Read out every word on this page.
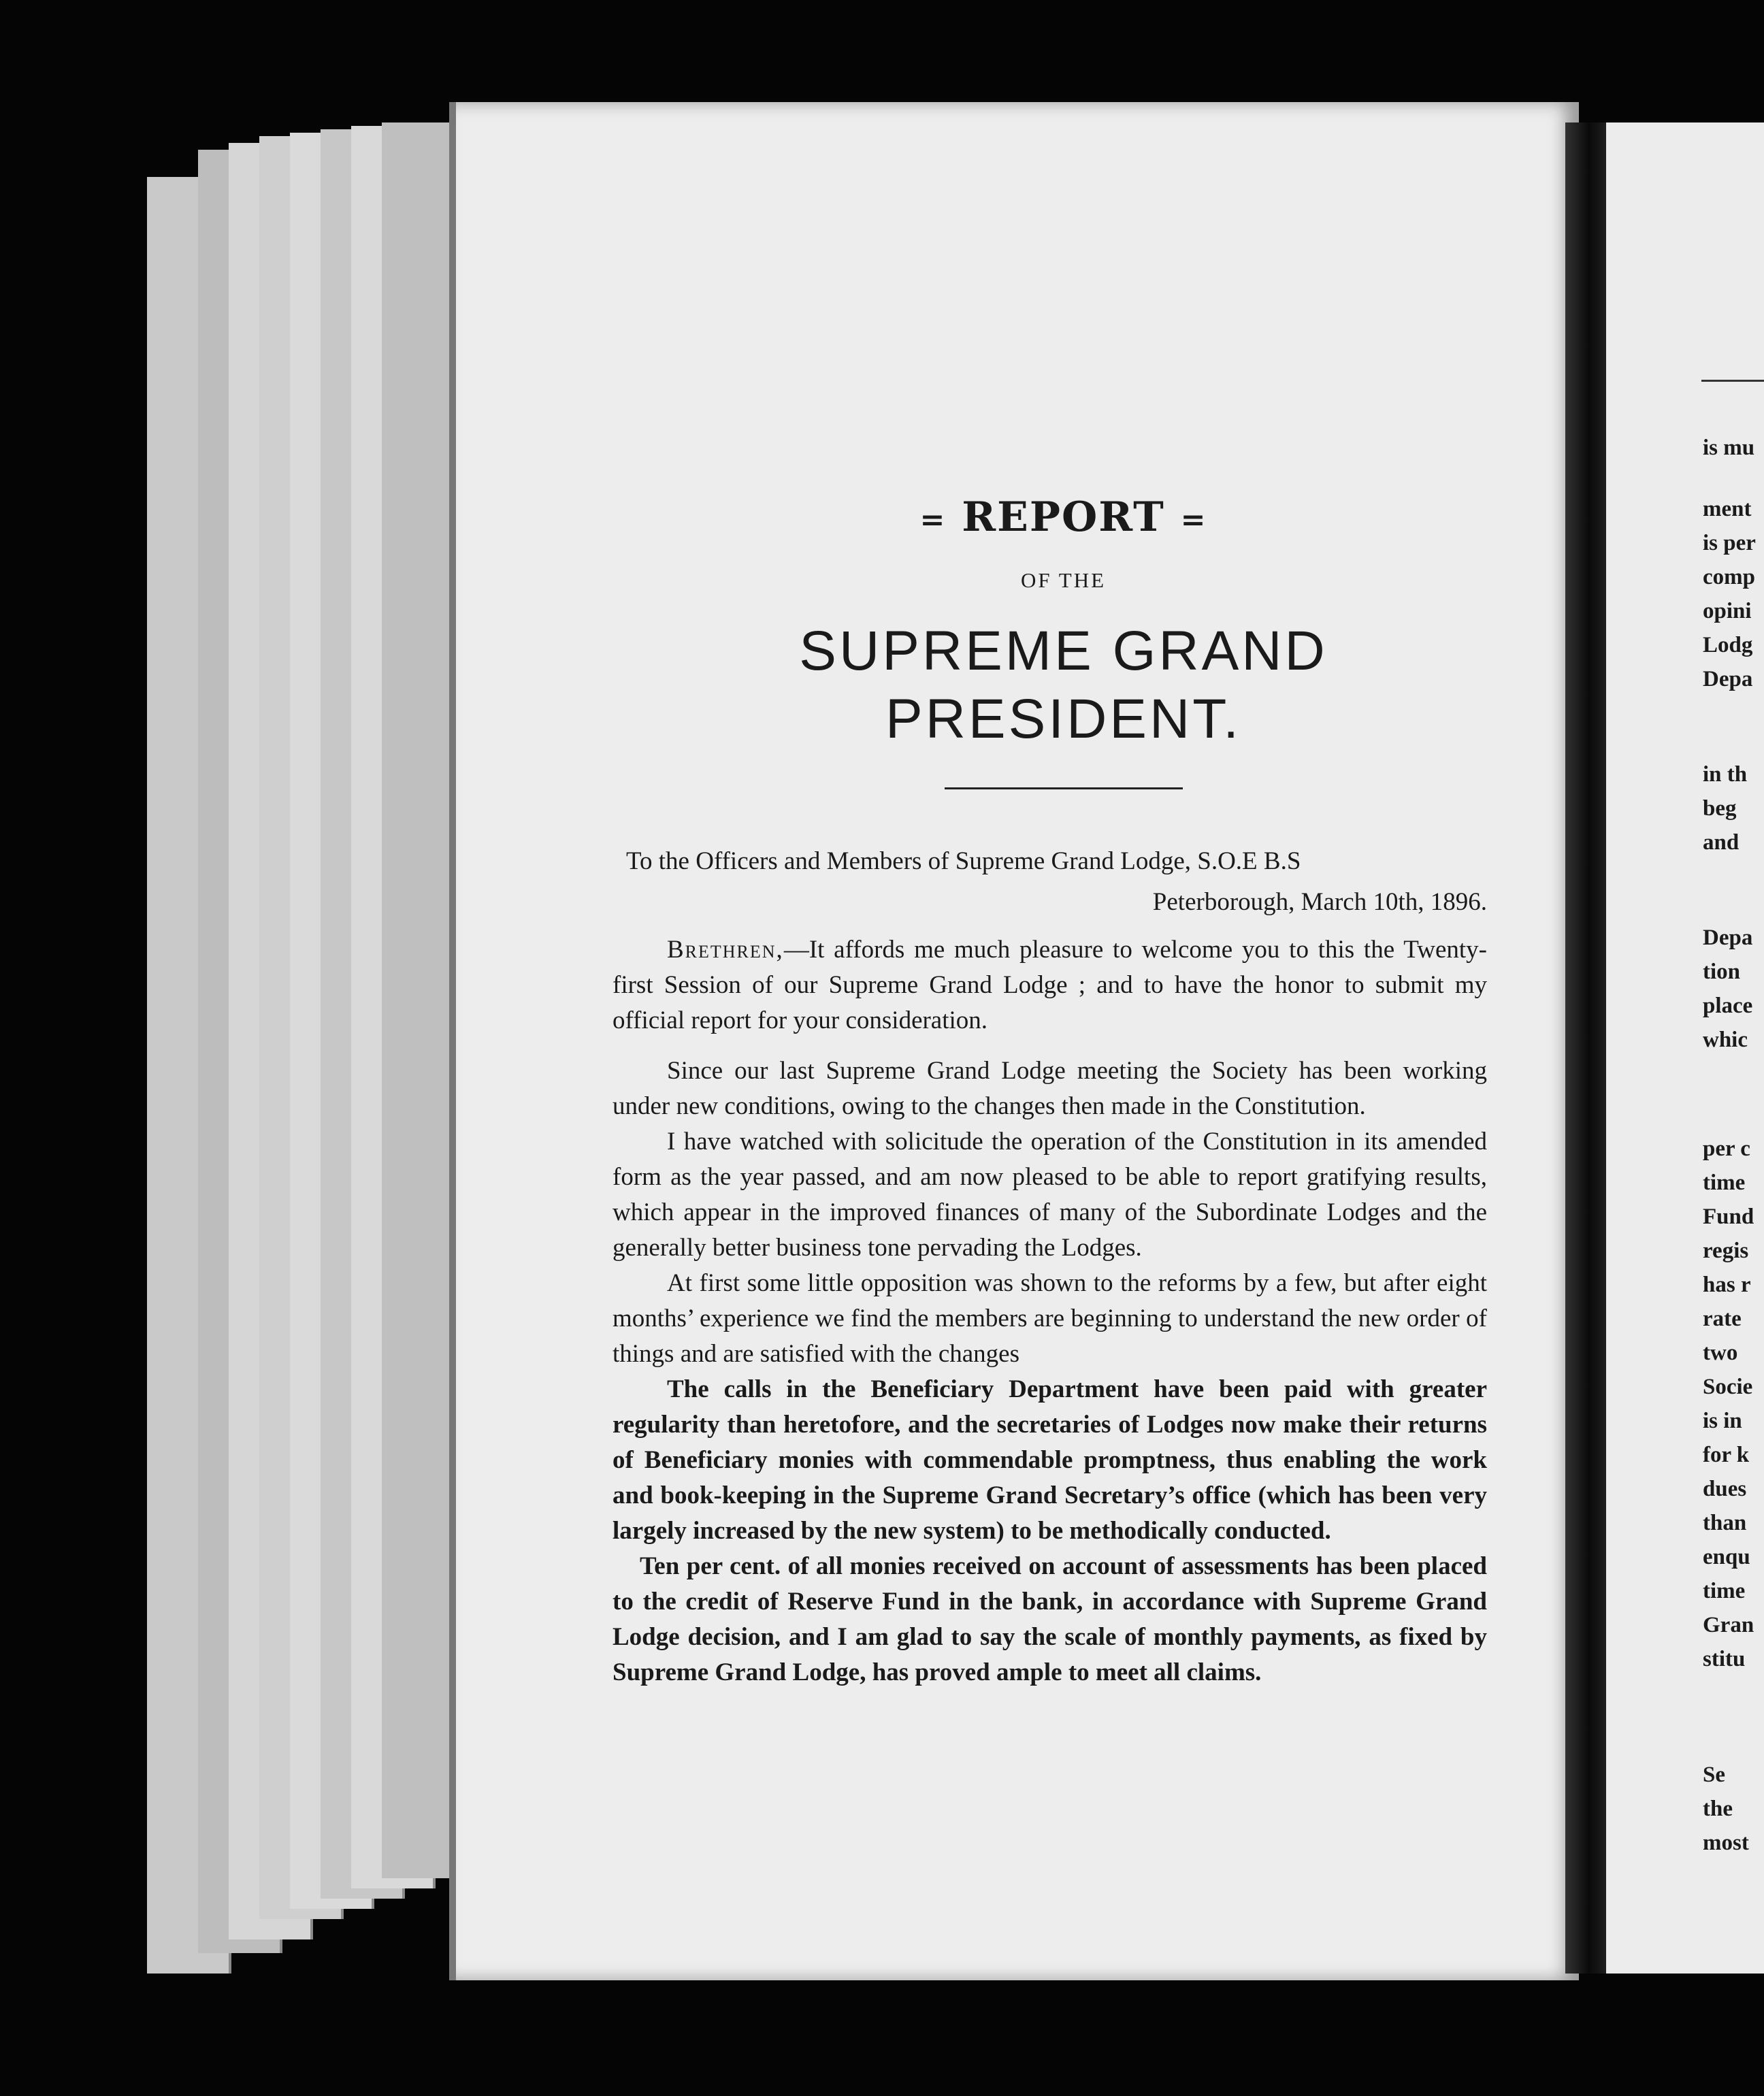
is mu
ment
is per
comp
opini
Lodg
Depa
in th
beg
and
Depa
tion
place
whic
per c
time
Fund
regis
has r
rate
two
Socie
is in
for k
dues
than
enqu
time
Gran
stitu
Se
the
most
= REPORT =
OF THE
SUPREME GRAND PRESIDENT.

To the Officers and Members of Supreme Grand Lodge, S.O.E B.S

Peterborough, March 10th, 1896.

Brethren,—It affords me much pleasure to welcome you to this the Twenty-first Session of our Supreme Grand Lodge ; and to have the honor to submit my official report for your consideration.

Since our last Supreme Grand Lodge meeting the Society has been working under new conditions, owing to the changes then made in the Constitution.

I have watched with solicitude the operation of the Constitution in its amended form as the year passed, and am now pleased to be able to report gratifying results, which appear in the improved finances of many of the Subordinate Lodges and the generally better business tone pervading the Lodges.

At first some little opposition was shown to the reforms by a few, but after eight months’ experience we find the members are beginning to understand the new order of things and are satisfied with the changes

The calls in the Beneficiary Department have been paid with greater regularity than heretofore, and the secretaries of Lodges now make their returns of Beneficiary monies with commendable promptness, thus enabling the work and book-keeping in the Supreme Grand Secretary’s office (which has been very largely increased by the new system) to be methodically conducted.

Ten per cent. of all monies received on account of assessments has been placed to the credit of Reserve Fund in the bank, in accordance with Supreme Grand Lodge decision, and I am glad to say the scale of monthly payments, as fixed by Supreme Grand Lodge, has proved ample to meet all claims.
